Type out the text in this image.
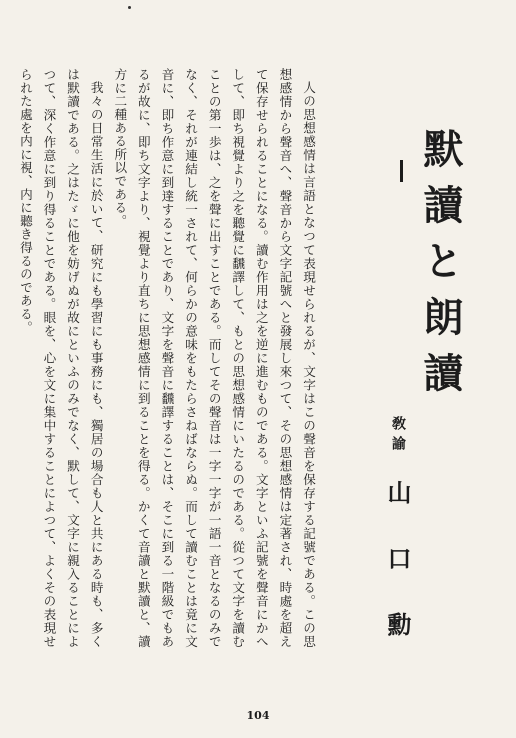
默讀と朗讀
敎諭
山口勳

人の思想感情は言語となつて表現せられるが、文字はこの聲音を保存する記號である。この思想感情から聲音へ、聲音から文字記號へと發展し來つて、その思想感情は定著され、時處を超えて保存せられることになる。讀む作用は之を逆に進むものである。文字といふ記號を聲音にかへして、即ち視覺より之を聽覺に飜譯して、もとの思想感情にいたるのである。從つて文字を讀むことの第一歩は、之を聲に出すことである。而してその聲音は一字一字が一語一音となるのみでなく、それが連結し統一されて、何らかの意味をもたらさねばならぬ。而して讀むことは竟に文音に、即ち作意に到達することであり、文字を聲音に飜譯することは、そこに到る一階級でもあるが故に、即ち文字より、視覺より直ちに思想感情に到ることを得る。かくて音讀と默讀と、讀方に二種ある所以である。

我々の日常生活に於いて、研究にも學習にも事務にも、獨居の場合も人と共にある時も、多くは默讀である。之はたゞに他を妨げぬが故にといふのみでなく、默して、文字に親入ることによつて、深く作意に到り得ることである。眼を、心を文に集中することによつて、よくその表現せられた處を内に視、内に聽き得るのである。

104
